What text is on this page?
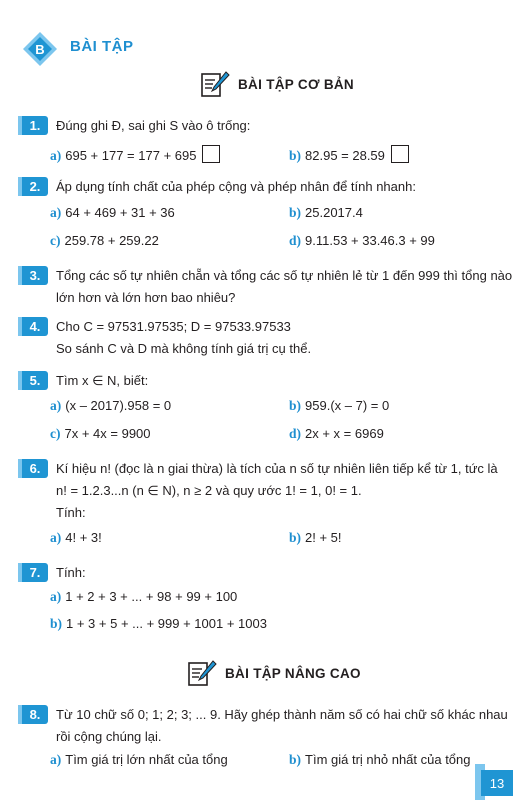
B BÀI TẬP
BÀI TẬP CƠ BẢN
1.	Đúng ghi Đ, sai ghi S vào ô trống:
a) 695 + 177 = 177 + 695	b) 82.95 = 28.59
2.	Áp dụng tính chất của phép cộng và phép nhân để tính nhanh:
a) 64 + 469 + 31 + 36	b) 25.2017.4
c) 259.78 + 259.22	d) 9.11.53 + 33.46.3 + 99
3.	Tổng các số tự nhiên chẵn và tổng các số tự nhiên lẻ từ 1 đến 999 thì tổng nào
lớn hơn và lớn hơn bao nhiêu?
4.	Cho C = 97531.97535; D = 97533.97533
So sánh C và D mà không tính giá trị cụ thể.
5.	Tìm x ∈ N, biết:
a) (x – 2017).958 = 0	b) 959.(x – 7) = 0
c) 7x + 4x = 9900	d) 2x + x = 6969
6.	Kí hiệu n! (đọc là n giai thừa) là tích của n số tự nhiên liên tiếp kể từ 1, tức là
n! = 1.2.3...n (n ∈ N), n ≥ 2 và quy ước 1! = 1, 0! = 1.
Tính:
a) 4! + 3!	b) 2! + 5!
7.	Tính:
a) 1 + 2 + 3 + ... + 98 + 99 + 100
b) 1 + 3 + 5 + ... + 999 + 1001 + 1003
BÀI TẬP NÂNG CAO
8.	Từ 10 chữ số 0; 1; 2; 3; ... 9. Hãy ghép thành năm số có hai chữ số khác nhau
rồi cộng chúng lại.
a) Tìm giá trị lớn nhất của tổng	b) Tìm giá trị nhỏ nhất của tổng
13
